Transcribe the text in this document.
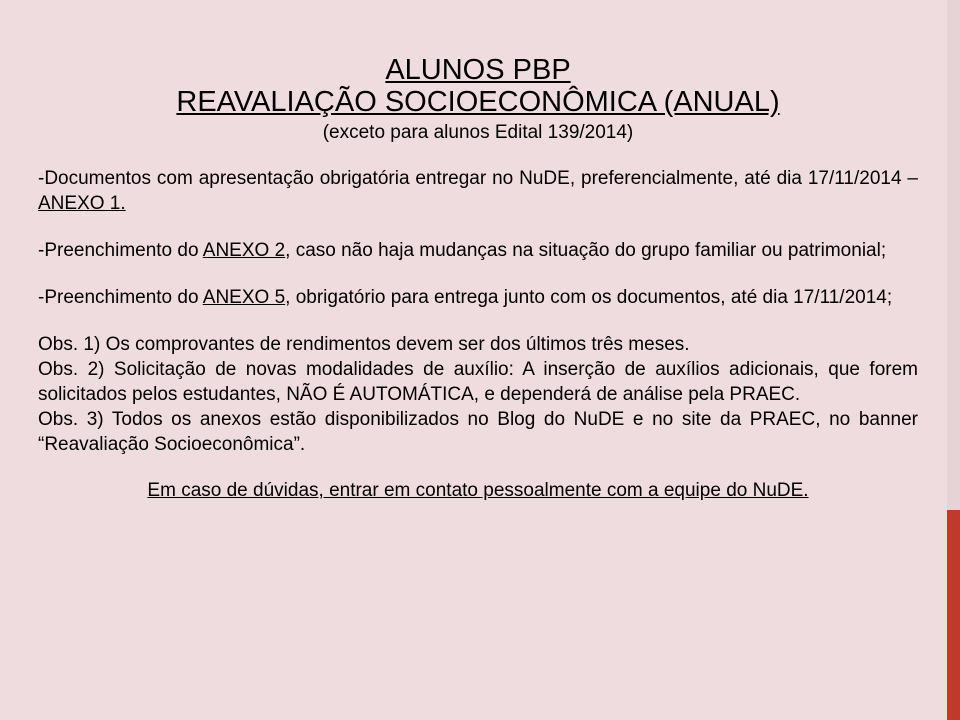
ALUNOS PBP
REAVALIAÇÃO SOCIOECONÔMICA (ANUAL)
(exceto para alunos Edital 139/2014)
-Documentos com apresentação obrigatória entregar no NuDE, preferencialmente, até dia 17/11/2014 – ANEXO 1.
-Preenchimento do ANEXO 2, caso não haja mudanças na situação do grupo familiar ou patrimonial;
-Preenchimento do ANEXO 5, obrigatório para entrega junto com os documentos, até dia 17/11/2014;

Obs. 1) Os comprovantes de rendimentos devem ser dos últimos três meses.

Obs. 2) Solicitação de novas modalidades de auxílio: A inserção de auxílios adicionais, que forem solicitados pelos estudantes, NÃO É AUTOMÁTICA, e dependerá de análise pela PRAEC.

Obs. 3) Todos os anexos estão disponibilizados no Blog do NuDE e no site da PRAEC, no banner “Reavaliação Socioeconômica”.

Em caso de dúvidas, entrar em contato pessoalmente com a equipe do NuDE.
